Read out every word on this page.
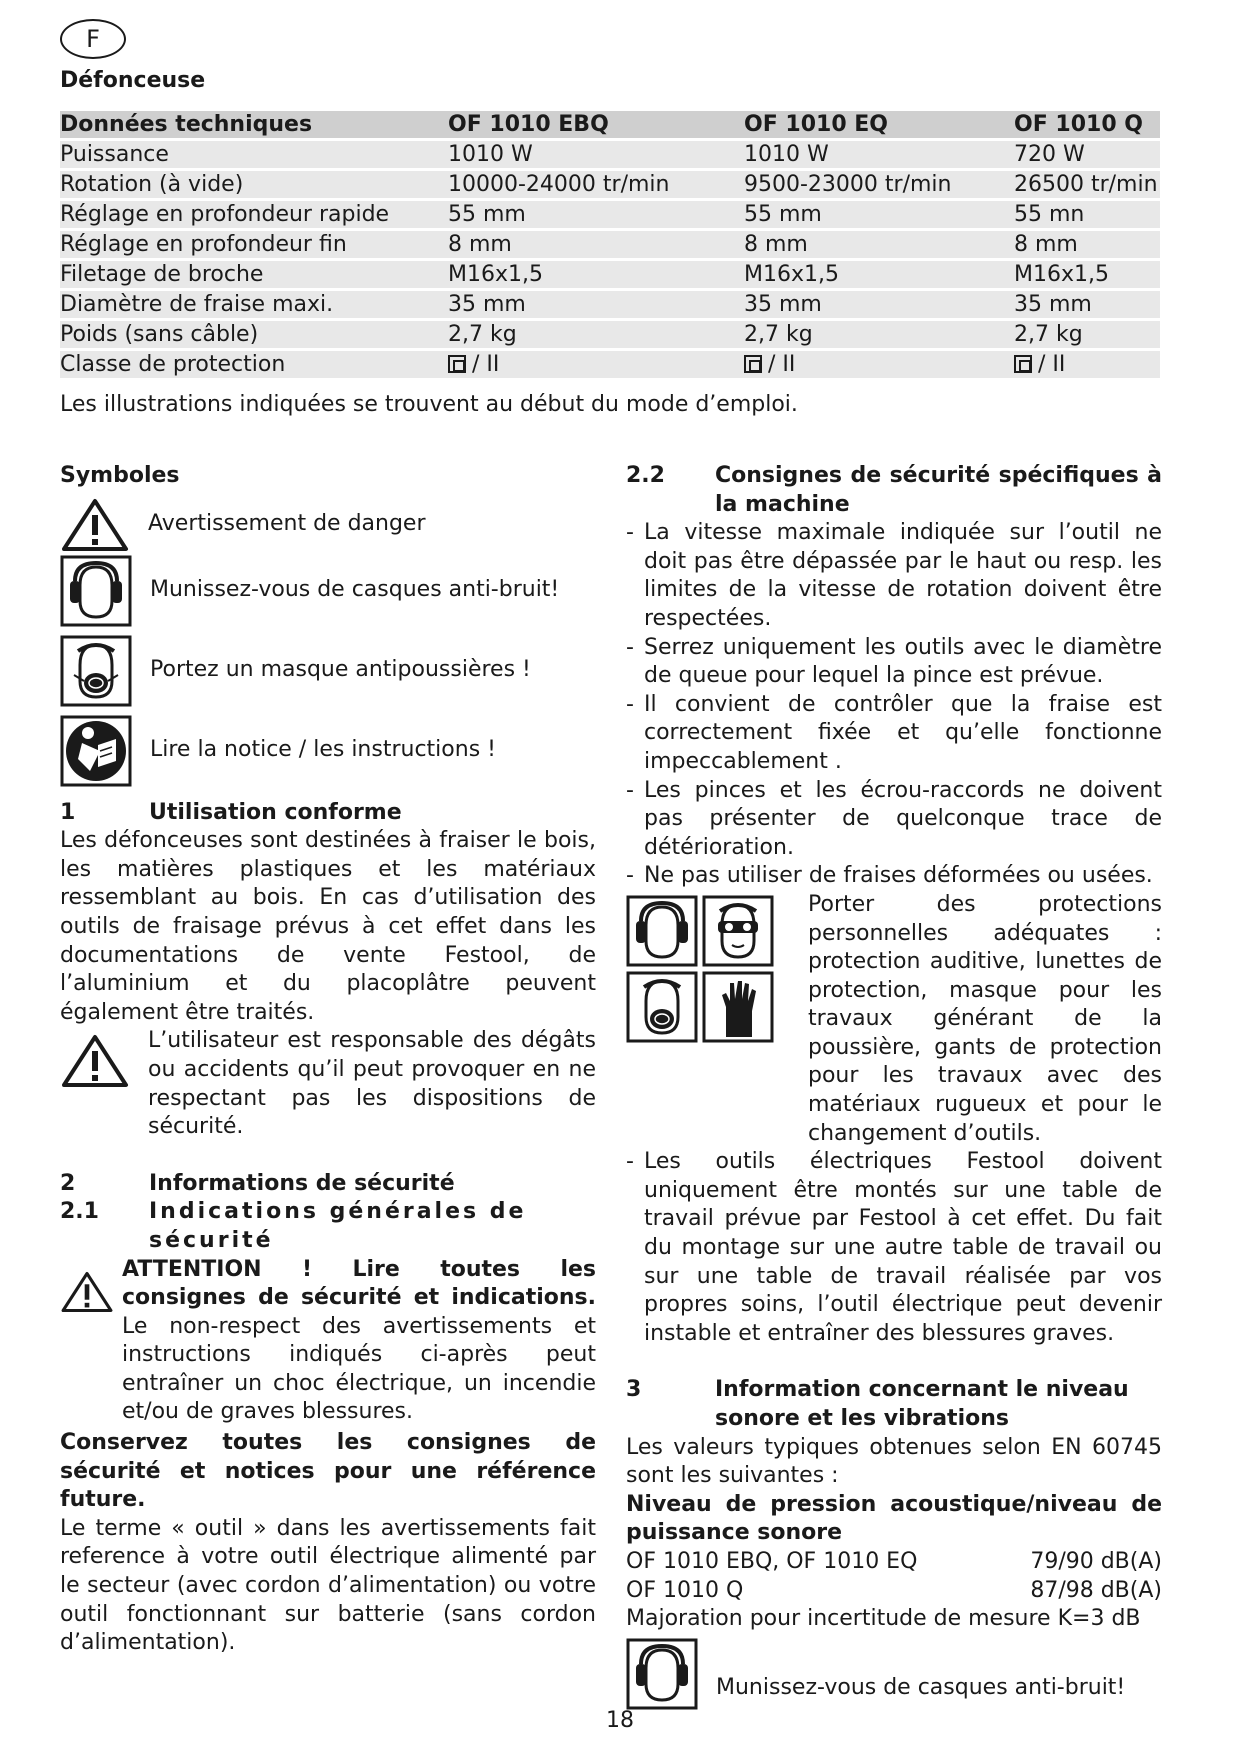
F
Défonceuse
Données techniques	OF 1010 EBQ	OF 1010 EQ	OF 1010 Q
Puissance	1010 W	1010 W	720 W
Rotation (à vide)	10000-24000 tr/min	9500-23000 tr/min	26500 tr/min
Réglage en profondeur rapide	55 mm	55 mm	55 mn
Réglage en profondeur fin	8 mm	8 mm	8 mm
Filetage de broche	M16x1,5	M16x1,5	M16x1,5
Diamètre de fraise maxi.	35 mm	35 mm	35 mm
Poids (sans câble)	2,7 kg	2,7 kg	2,7 kg
Classe de protection	/ II	/ II	/ II
Les illustrations indiquées se trouvent au début du mode d’emploi.
Symboles
Avertissement de danger
Munissez-vous de casques anti-bruit!
Portez un masque antipoussières !
Lire la notice / les instructions !
1	Utilisation conforme
Les défonceuses sont destinées à fraiser le bois, les matières plastiques et les matériaux ressemblant au bois. En cas d’utilisation des outils de fraisage prévus à cet effet dans les documentations de vente Festool, de l’aluminium et du placoplâtre peuvent également être traités.
L’utilisateur est responsable des dégâts ou accidents qu’il peut provoquer en ne respectant pas les dispositions de sécurité.
2	Informations de sécurité
2.1	Indications générales de sécurité
ATTENTION ! Lire toutes les consignes de sécurité et indications. Le non-respect des avertissements et instructions indiqués ci-après peut entraîner un choc électrique, un incendie et/ou de graves blessures.
Conservez toutes les consignes de sécurité et notices pour une référence future.
Le terme « outil » dans les avertissements fait reference à votre outil électrique alimenté par le secteur (avec cordon d’alimentation) ou votre outil fonctionnant sur batterie (sans cordon d’alimentation).
2.2	Consignes de sécurité spécifiques à la machine
- La vitesse maximale indiquée sur l’outil ne doit pas être dépassée par le haut ou resp. les limites de la vitesse de rotation doivent être respectées.
- Serrez uniquement les outils avec le diamètre de queue pour lequel la pince est prévue.
- Il convient de contrôler que la fraise est correctement fixée et qu’elle fonctionne impeccablement .
- Les pinces et les écrou-raccords ne doivent pas présenter de quelconque trace de détérioration.
- Ne pas utiliser de fraises déformées ou usées.
Porter des protections personnelles adéquates : protection auditive, lunettes de protection, masque pour les travaux générant de la poussière, gants de protection pour les travaux avec des matériaux rugueux et pour le changement d’outils.
- Les outils électriques Festool doivent uniquement être montés sur une table de travail prévue par Festool à cet effet. Du fait du montage sur une autre table de travail ou sur une table de travail réalisée par vos propres soins, l’outil électrique peut devenir instable et entraîner des blessures graves.
3	Information concernant le niveau sonore et les vibrations
Les valeurs typiques obtenues selon EN 60745 sont les suivantes :
Niveau de pression acoustique/niveau de puissance sonore
OF 1010 EBQ, OF 1010 EQ	79/90 dB(A)
OF 1010 Q	87/98 dB(A)
Majoration pour incertitude de mesure K=3 dB
Munissez-vous de casques anti-bruit!
18
